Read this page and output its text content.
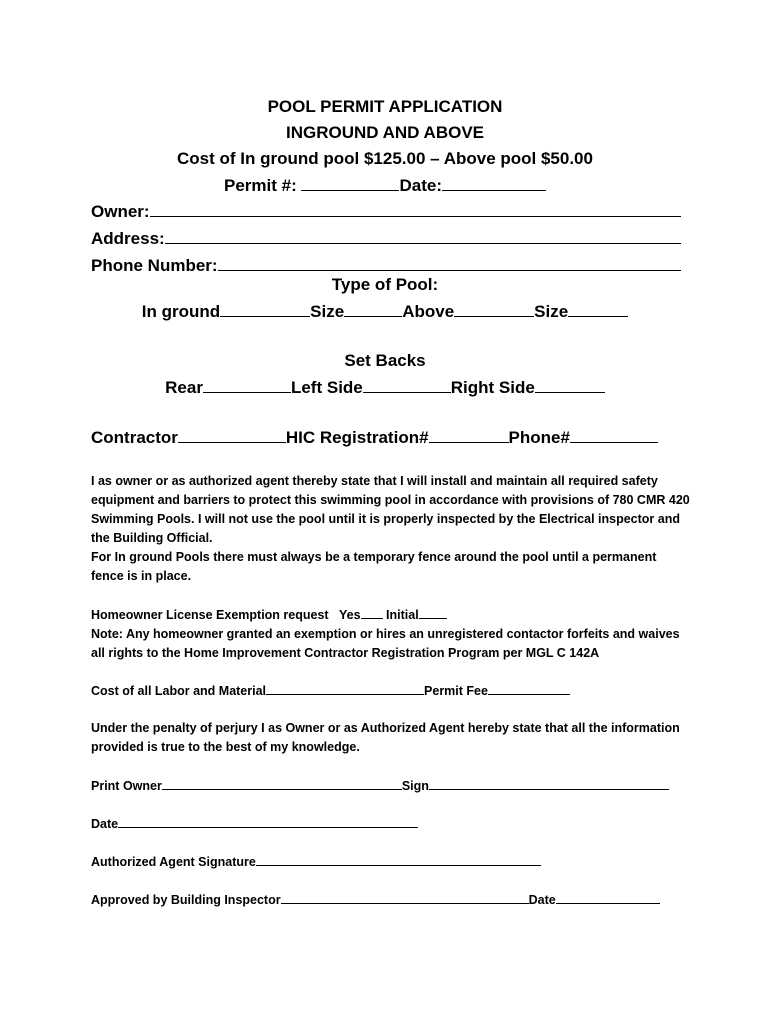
POOL PERMIT APPLICATION
INGROUND AND ABOVE
Cost of In ground pool $125.00 – Above pool $50.00
Permit #:	Date:
Owner:
Address:
Phone Number:
Type of Pool:
In ground	Size	Above	Size
Set Backs
Rear	Left Side	Right Side
Contractor	HIC Registration#	Phone#

I as owner or as authorized agent thereby state that I will install and maintain all required safety equipment and barriers to protect this swimming pool in accordance with provisions of 780 CMR 420 Swimming Pools. I will not use the pool until it is properly inspected by the Electrical inspector and the Building Official.

For In ground Pools there must always be a temporary fence around the pool until a permanent fence is in place.

Homeowner License Exemption request Yes Initial

Note: Any homeowner granted an exemption or hires an unregistered contactor forfeits and waives all rights to the Home Improvement Contractor Registration Program per MGL C 142A

Cost of all Labor and Material	Permit Fee

Under the penalty of perjury I as Owner or as Authorized Agent hereby state that all the information provided is true to the best of my knowledge.

Print Owner	Sign
Date
Authorized Agent Signature
Approved by Building Inspector	Date
